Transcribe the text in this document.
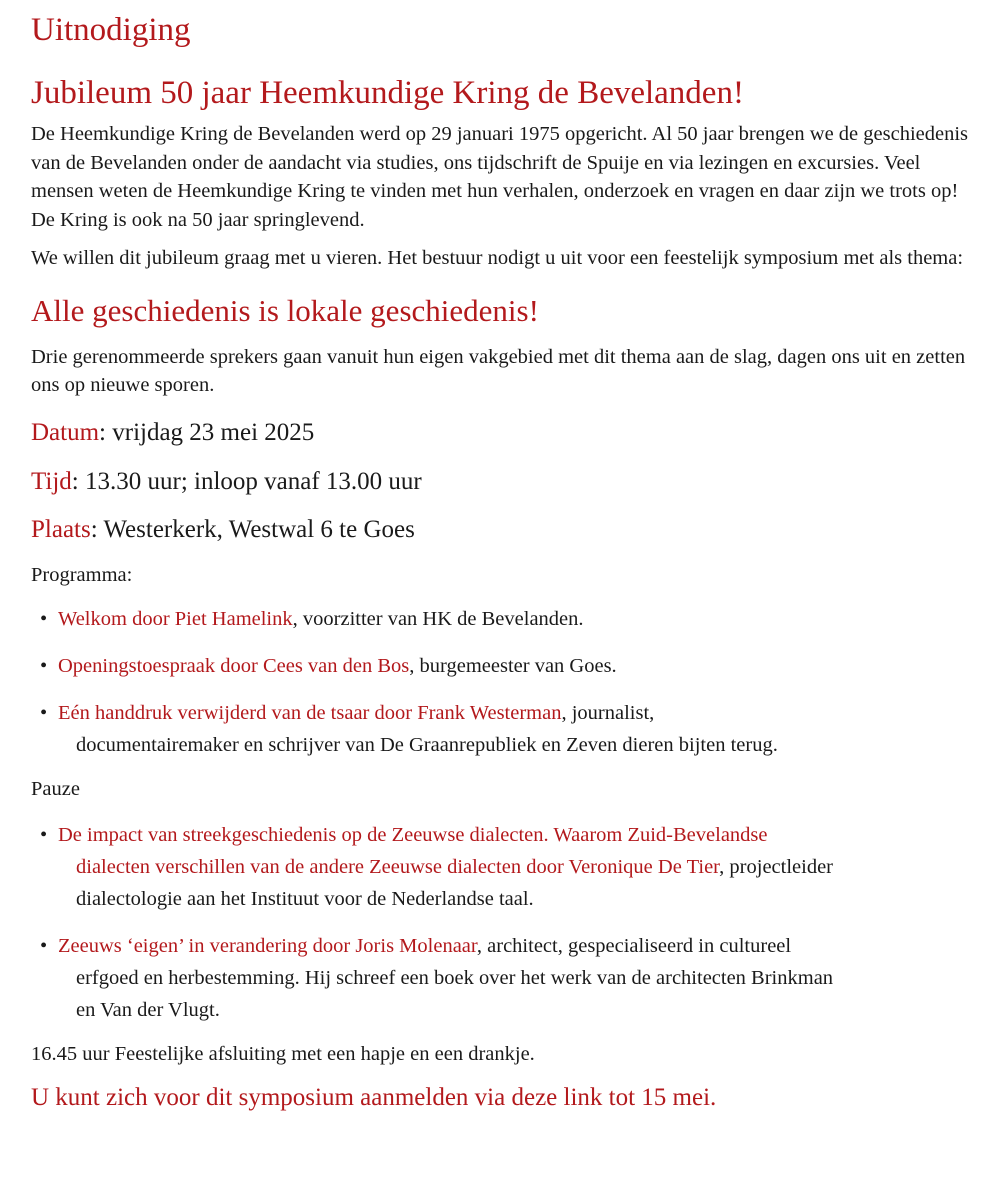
Uitnodiging
Jubileum 50 jaar Heemkundige Kring de Bevelanden!

De Heemkundige Kring de Bevelanden werd op 29 januari 1975 opgericht. Al 50 jaar brengen we de geschiedenis van de Bevelanden onder de aandacht via studies, ons tijdschrift de Spuije en via lezingen en excursies. Veel mensen weten de Heemkundige Kring te vinden met hun verhalen, onderzoek en vragen en daar zijn we trots op! De Kring is ook na 50 jaar springlevend.

We willen dit jubileum graag met u vieren. Het bestuur nodigt u uit voor een feestelijk symposium met als thema:

Alle geschiedenis is lokale geschiedenis!

Drie gerenommeerde sprekers gaan vanuit hun eigen vakgebied met dit thema aan de slag, dagen ons uit en zetten ons op nieuwe sporen.

Datum: vrijdag 23 mei 2025

Tijd: 13.30 uur; inloop vanaf 13.00 uur

Plaats: Westerkerk, Westwal 6 te Goes

Programma:

• Welkom door Piet Hamelink, voorzitter van HK de Bevelanden.
• Openingstoespraak door Cees van den Bos, burgemeester van Goes.
• Eén handdruk verwijderd van de tsaar door Frank Westerman, journalist,
documentairemaker en schrijver van De Graanrepubliek en Zeven dieren bijten terug.

Pauze

• De impact van streekgeschiedenis op de Zeeuwse dialecten. Waarom Zuid-Bevelandse
dialecten verschillen van de andere Zeeuwse dialecten door Veronique De Tier, projectleider
dialectologie aan het Instituut voor de Nederlandse taal.
• Zeeuws ‘eigen’ in verandering door Joris Molenaar, architect, gespecialiseerd in cultureel
erfgoed en herbestemming. Hij schreef een boek over het werk van de architecten Brinkman
en Van der Vlugt.

16.45 uur Feestelijke afsluiting met een hapje en een drankje.

U kunt zich voor dit symposium aanmelden via deze link tot 15 mei.
